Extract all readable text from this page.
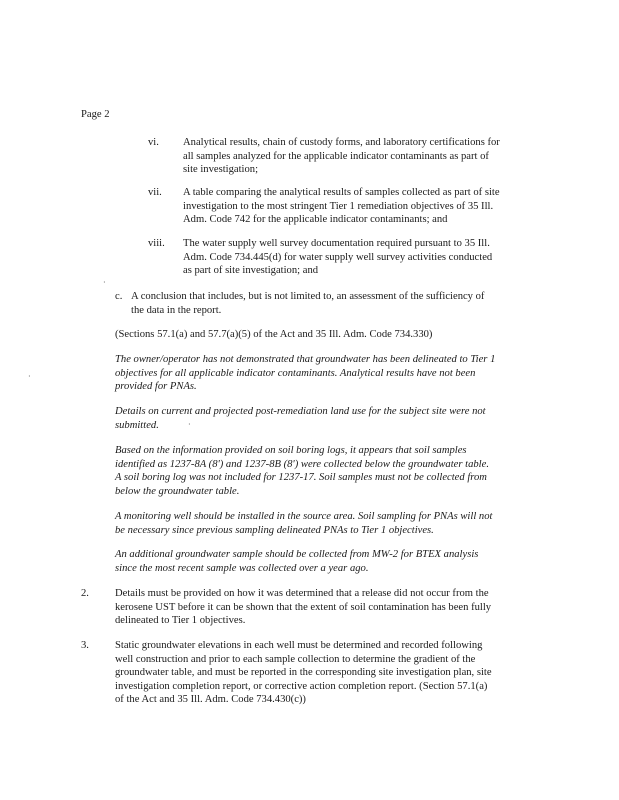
Page 2
vi. Analytical results, chain of custody forms, and laboratory certifications for
all samples analyzed for the applicable indicator contaminants as part of
site investigation;
vii. A table comparing the analytical results of samples collected as part of site
investigation to the most stringent Tier 1 remediation objectives of 35 Ill.
Adm. Code 742 for the applicable indicator contaminants; and
viii. The water supply well survey documentation required pursuant to 35 Ill.
Adm. Code 734.445(d) for water supply well survey activities conducted
as part of site investigation; and
·
c. A conclusion that includes, but is not limited to, an assessment of the sufficiency of
the data in the report.
(Sections 57.1(a) and 57.7(a)(5) of the Act and 35 Ill. Adm. Code 734.330)
The owner/operator has not demonstrated that groundwater has been delineated to Tier 1
objectives for all applicable indicator contaminants. Analytical results have not been
provided for PNAs.
·
Details on current and projected post-remediation land use for the subject site were not
submitted.	·
Based on the information provided on soil boring logs, it appears that soil samples
identified as 1237-8A (8') and 1237-8B (8') were collected below the groundwater table.
A soil boring log was not included for 1237-17. Soil samples must not be collected from
below the groundwater table.
A monitoring well should be installed in the source area. Soil sampling for PNAs will not
be necessary since previous sampling delineated PNAs to Tier 1 objectives.
An additional groundwater sample should be collected from MW-2 for BTEX analysis
since the most recent sample was collected over a year ago.
2. Details must be provided on how it was determined that a release did not occur from the
kerosene UST before it can be shown that the extent of soil contamination has been fully
delineated to Tier 1 objectives.
3. Static groundwater elevations in each well must be determined and recorded following
well construction and prior to each sample collection to determine the gradient of the
groundwater table, and must be reported in the corresponding site investigation plan, site
investigation completion report, or corrective action completion report. (Section 57.1(a)
of the Act and 35 Ill. Adm. Code 734.430(c))
